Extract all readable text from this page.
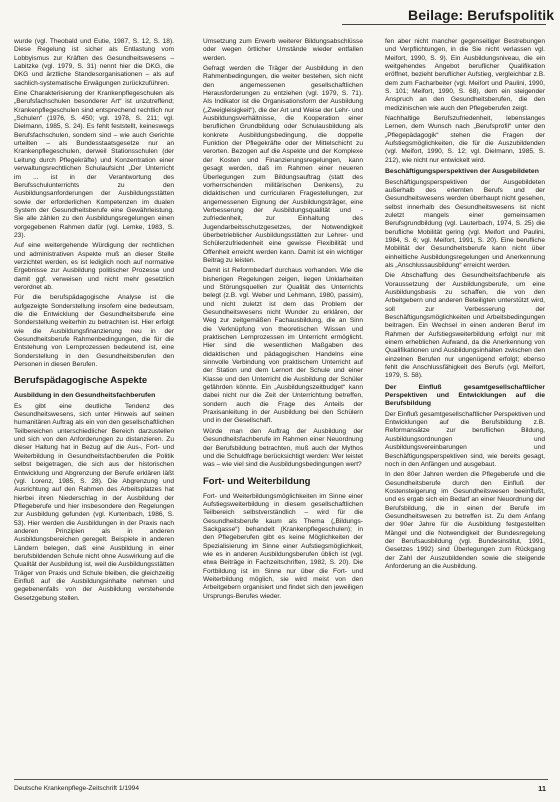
Beilage: Berufspolitik

wurde (vgl. Theobald und Eutie, 1987, S. 12, S. 18). Diese Regelung ist sicher als Entlastung vom Lobbyismus zur Kräften des Gesundheitswesens – Labitzke (vgl. 1979, S. 31) nennt hier die DKG, die DKG und ärztliche Standesorganisationen – als auf sachlich-systematische Erwägungen zurückzuführen.

Eine Charakterisierung der Krankenpflegeschulen als „Berufsfachschulen besonderer Art“ ist unzutreffend; Krankenpflegeschulen sind entsprechend rechtlich nur „Schulen“ (1976, S. 450; vgl. 1978, S. 211; vgl. Dielmann, 1985, S. 24). Es fehlt feststellt, keineswegs Berufsfachschulen, sondern sind – wie auch Gerichte urteilten – als Bundesstaatsgesetze nur an Krankenpflegeschulen, derweil Stationsschulen (der Leitung durch Pflegekräfte) und Konzentration einer verwaltungsrechtlichen Schulaufsicht „Der Unterricht im ... ist in der Verantwortung des Berufsschulunterrichts zu den Ausbildungsanforderungen der Ausbildungsstätten sowie der erforderlichen Kompetenzen im dualen System der Gesundheitsberufe eine Gewährleistung. Sie alle zählen zu den Ausbildungsregelungen einen vorgegebenen Rahmen dafür (vgl. Lemke, 1983, S. 23).

Auf eine weitergehende Würdigung der rechtlichen und administrativen Aspekte muß an dieser Stelle verzichtet werden, es ist lediglich noch auf normative Ergebnisse zur Ausbildung politischer Prozesse und damit ggf. verweisen und nicht mehr gesetzlich verordnet ab.

Für die berufspädagogische Analyse ist die aufgezeigte Sonderstellung insofern eine bedeutsam, die die Entwicklung der Gesundheitsberufe eine Sonderstellung weiterhin zu betrachten ist. Hier erfolgt wie die Ausbildungsfinanzierung neu in der Gesundheitsberufe Rahmenbedingungen, die für die Entstehung von Lernprozessen bedeutend ist, eine Sonderstellung in den Gesundheitsberufen den Personen in diesen Berufen.

Berufspädagogische Aspekte
Ausbildung in den Gesundheitsfachberufen

Es gibt eine deutliche Tendenz des Gesundheitswesens, sich unter Hinweis auf seinen humanitären Auftrag als ein von den gesellschaftlichen Teilbereichen unterschiedlicher Bereich darzustellen und sich von den Anforderungen zu distanzieren. Zu dieser Haltung hat in Bezug auf die Aus-, Fort- und Weiterbildung in Gesundheitsfachberufen die Politik selbst beigetragen, die sich aus der historischen Entwicklung und Abgrenzung der Berufe erklären läßt (vgl. Lorenz, 1985, S. 28). Die Abgrenzung und Ausrichtung auf den Rahmen des Arbeitsplatzes hat hierbei ihren Niederschlag in der Ausbildung der Pflegeberufe und hier insbesondere den Regelungen zur Ausbildung gefunden (vgl. Kurtenbach, 1986, S. 53). Hier werden die Ausbildungen in der Praxis nach anderen Prinzipien als in anderen Ausbildungsbereichen geregelt. Beispiele in anderen Ländern belegen, daß eine Ausbildung in einer berufsbildenden Schule nicht ohne Auswirkung auf die Qualität der Ausbildung ist, weil die Ausbildungsstätten Träger von Praxis und Schule bleiben, die gleichzeitig Einfluß auf die Ausbildungsinhalte nehmen und gegebenenfalls von der Ausbildung verstehende Gesetzgebung stellen.

Umsetzung zum Erwerb weiterer Bildungsabschlüsse oder wegen örtlicher Umstände wieder entfallen werden.

Gefragt werden die Träger der Ausbildung in den Rahmenbedingungen, die weiter bestehen, sich nicht den angemessenen gesellschaftlichen Herausforderungen zu entziehen (vgl. 1979, S. 71). Als Indikator ist die Organisationsform der Ausbildung („Zweigleisigkeit“), die der Art und Weise der Lehr- und Ausbildungsverhältnisse, die Kooperation einer beruflichen Grundbildung oder Schulausbildung als konkrete Ausbildungsbedingung, die doppelte Funktion der Pflegekräfte oder der Mittelschicht zu verorten. Bezogen auf die Aspekte und der Komplexe der Kosten und Finanzierungsregelungen, kann gesagt werden, daß im Rahmen einer neueren Überlegungen zum Bildungsauftrag (statt des vorherrschenden militärischen Denkens), zu didaktischen und curricularen Fragestellungen, zur angemessenen Eignung der Ausbildungsträger, eine Verbesserung der Ausbildungsqualität und -zufriedenheit, zur Einhaltung des Jugendarbeitsschutzgesetzes, der Notwendigkeit überbetrieblicher Ausbildungsstätten zur Lehrer- und Schülerzufriedenheit eine gewisse Flexibilität und Offenheit erreicht werden kann. Damit ist ein wichtiger Beitrag zu leisten.

Damit ist Reformbedarf durchaus vorhanden. Wie die bisherigen Regelungen zeigen, liegen Unklarheiten und Störungsquellen zur Qualität des Unterrichts belegt (z.B. vgl. Weber und Lehmann, 1980, passim), und nicht zuletzt ist dem das Problem der Gesundheitswesens nicht Wunder zu erklären, der Weg zur zeitgemäßen Fachausbildung, die an Sinn die Verknüpfung von theoretischen Wissen und praktischen Lernprozessen im Unterricht ermöglicht. Hier sind die wesentlichen Maßgaben des didaktischen und pädagogischen Handelns eine sinnvolle Verbindung von praktischem Unterricht auf der Station und dem Lernort der Schule und einer Klasse und den Unterricht die Ausbildung der Schüler gefährden könnte. Ein „Ausbildungszeitbudget“ kann dabei nicht nur die Zeit der Unterrichtung betreffen, sondern auch die Frage des Anteils der Praxisanleitung in der Ausbildung bei den Schülern und in der Gesellschaft.

Würde man den Auftrag der Ausbildung der Gesundheitsfachberufe im Rahmen einer Neuordnung der Berufsbildung betrachten, muß auch der Mythos und die Schuldfrage berücksichtigt werden: Wer leistet was – wie viel sind die Ausbildungsbedingungen wert?

Fort- und Weiterbildung

Fort- und Weiterbildungsmöglichkeiten im Sinne einer Aufstiegsweiterbildung in diesem gesellschaftlichen Teilbereich selbstverständlich – wird für die Gesundheitsberufe kaum als Thema („Bildungs-Sackgasse“) behandelt (Krankenpflegeschulen); in den Pflegeberufen gibt es keine Möglichkeiten der Spezialisierung im Sinne einer Aufstiegsmöglichkeit, wie es in anderen Ausbildungsberufen üblich ist (vgl. etwa Beiträge in Fachzeitschriften, 1982, S. 20). Die Fortbildung ist im Sinne nur über die Fort- und Weiterbildung möglich, sie wird meist von den Arbeitgebern organisiert und findet sich den jeweiligen Ursprungs-Berufes wieder.

fen aber nicht mancher gegenseitiger Bestrebungen und Verpflichtungen, in die Sie nicht verlassen vgl. Meifort, 1990, S. 9). Ein Ausbildungsniveau, die ein weitgehendes Angebot beruflicher Qualifikation eröffnet, bezieht beruflicher Aufstieg, vergleichbar z.B. dem zum Facharbeiter (vgl. Meifort und Paulini, 1990, S. 101; Meifort, 1990, S. 68), dem ein steigender Anspruch an den Gesundheitsberufen, die den medizinischen wie auch den Pflegeberufen zeigt.

Nachhaltige Berufszufriedenheit, lebenslanges Lernen, dem Wunsch nach „Berufsprofil“ unter den „Pflegepädagogik“ stehen die Fragen der Aufstiegsmöglichkeiten, die für die Auszubildenden (vgl. Meifort, 1990, S. 12; vgl. Dielmann, 1985, S. 212), wie nicht nur entwickelt wird.

Beschäftigungsperspektiven der Ausgebildeten

Beschäftigungsperspektiven der Ausgebildeten außerhalb des erlernten Berufs und der Gesundheitswesens werden überhaupt nicht gesehen, selbst innerhalb des Gesundheitswesens ist nicht zuletzt mangels einer gemeinsamen Berufsgrundbildung (vgl. Lauterbach, 1974, S. 25) die berufliche Mobilität gering (vgl. Meifort und Paulini, 1984, S. 6; vgl. Meifort, 1991, S. 20). Eine berufliche Mobilität der Gesundheitsberufe kann nicht über einheitliche Ausbildungsregelungen und Anerkennung als „Anschlussausbildung“ erreicht werden.

Die Abschaffung des Gesundheitsfachberufe als Voraussetzung der Ausbildungsberufe, um eine Ausbildungsbasis zu schaffen, die von den Arbeitgebern und anderen Beteiligten unterstützt wird, soll zur Verbesserung der Beschäftigungsmöglichkeiten und Arbeitsbedingungen beitragen. Ein Wechsel in einen anderen Beruf im Rahmen der Aufstiegsweiterbildung erfolgt nur mit einem erheblichen Aufwand, da die Anerkennung von Qualifikationen und Ausbildungsinhalten zwischen den einzelnen Berufen nur ungenügend erfolgt; ebenso fehlt die Anschlussfähigkeit des Berufs (vgl. Meifort, 1979, S. 58).

Der Einfluß gesamtgesellschaftlicher Perspektiven und Entwicklungen auf die Berufsbildung

Der Einfluß gesamtgesellschaftlicher Perspektiven und Entwicklungen auf die Berufsbildung z.B. Reformansätze zur beruflichen Bildung, Ausbildungsordnungen und Ausbildungsvereinbarungen und Beschäftigungsperspektiven sind, wie bereits gesagt, noch in den Anfängen und ausgebaut.

In den 80er Jahren werden die Pflegeberufe und die Gesundheitsberufe durch den Einfluß der Kostensteigerung im Gesundheitswesen beeinflußt, und es ergab sich ein Bedarf an einer Neuordnung der Berufsbildung, die in einen der Berufe im Gesundheitswesen zu betreffen ist. Zu dem Anfang der 90er Jahre für die Ausbildung festgestellten Mängel und die Notwendigkeit der Bundesregelung der Berufsausbildung (vgl. Bundesinstitut, 1991, Gesetzes 1992) sind Überlegungen zum Rückgang der Zahl der Auszubildenden sowie die steigende Anforderung an die Ausbildung.

Deutsche Krankenpflege-Zeitschrift 1/1994	11
